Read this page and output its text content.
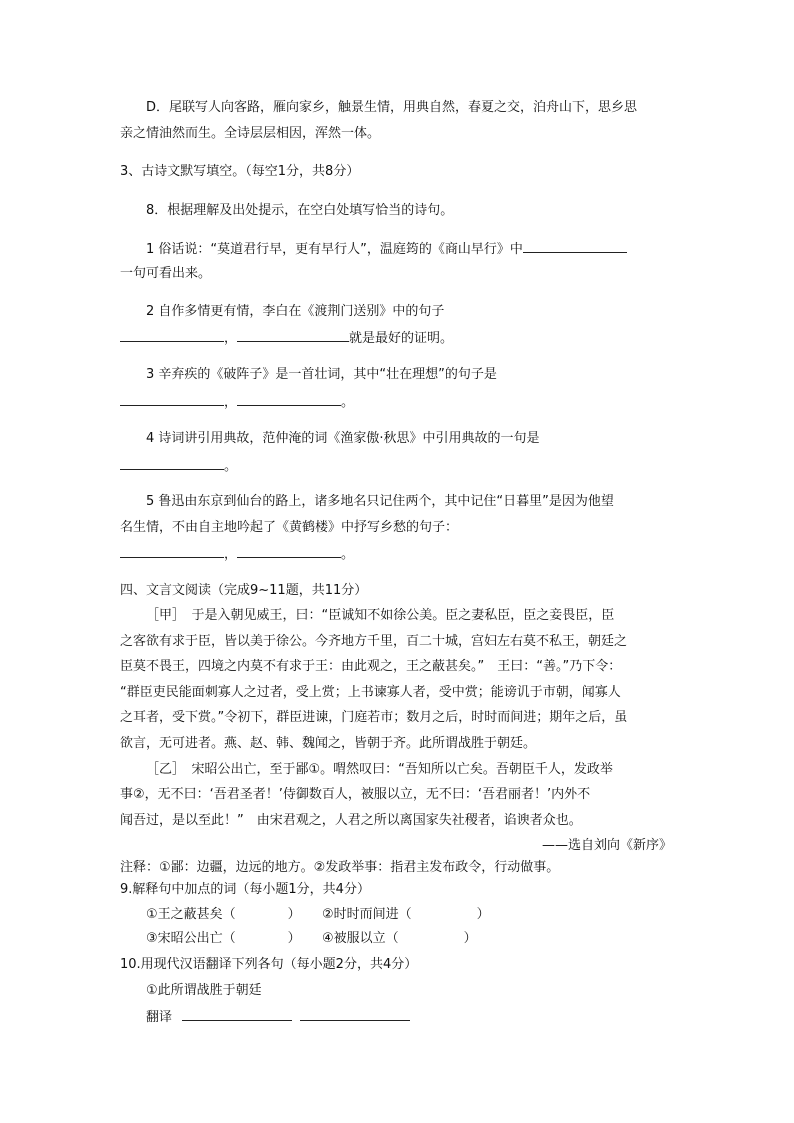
D．尾联写人向客路，雁向家乡，触景生情，用典自然，春夏之交，泊舟山下，思乡思
亲之情油然而生。全诗层层相因，浑然一体。
3、古诗文默写填空。（每空1分，共8分）
8．根据理解及出处提示，在空白处填写恰当的诗句。
1 俗话说：“莫道君行早，更有早行人”，温庭筠的《商山早行》中
一句可看出来。
2 自作多情更有情，李白在《渡荆门送别》中的句子
，	就是最好的证明。
3 辛弃疾的《破阵子》是一首壮词，其中“壮在理想”的句子是
，	。
4 诗词讲引用典故，范仲淹的词《渔家傲·秋思》中引用典故的一句是
。
5 鲁迅由东京到仙台的路上，诸多地名只记住两个，其中记住“日暮里”是因为他望
名生情，不由自主地吟起了《黄鹤楼》中抒写乡愁的句子：
，	。
四、文言文阅读（完成9~11题，共11分）
［甲］　于是入朝见威王，曰：“臣诚知不如徐公美。臣之妻私臣，臣之妾畏臣，臣
之客欲有求于臣，皆以美于徐公。今齐地方千里，百二十城，宫妇左右莫不私王，朝廷之
臣莫不畏王，四境之内莫不有求于王：由此观之，王之蔽甚矣。”　王曰：“善。”乃下令：
“群臣吏民能面刺寡人之过者，受上赏；上书谏寡人者，受中赏；能谤讥于市朝，闻寡人
之耳者，受下赏。”令初下，群臣进谏，门庭若市；数月之后，时时而间进；期年之后，虽
欲言，无可进者。燕、赵、韩、魏闻之，皆朝于齐。此所谓战胜于朝廷。
［乙］　宋昭公出亡，至于鄙①。喟然叹曰：“吾知所以亡矣。吾朝臣千人，发政举
事②，无不曰：‘吾君圣者！’侍御数百人，被服以立，无不曰：‘吾君丽者！’内外不
闻吾过，是以至此！”　由宋君观之，人君之所以离国家失社稷者，谄谀者众也。
——选自刘向《新序》
注释：①鄙：边疆，边远的地方。②发政举事：指君主发布政令，行动做事。
9.解释句中加点的词（每小题1分，共4分）
①王之蔽甚矣（　　　　） ②时时而间进（　　　　　）
③宋昭公出亡（　　　　） ④被服以立（　　　　　）
10.用现代汉语翻译下列各句（每小题2分，共4分）
①此所谓战胜于朝廷
翻译
